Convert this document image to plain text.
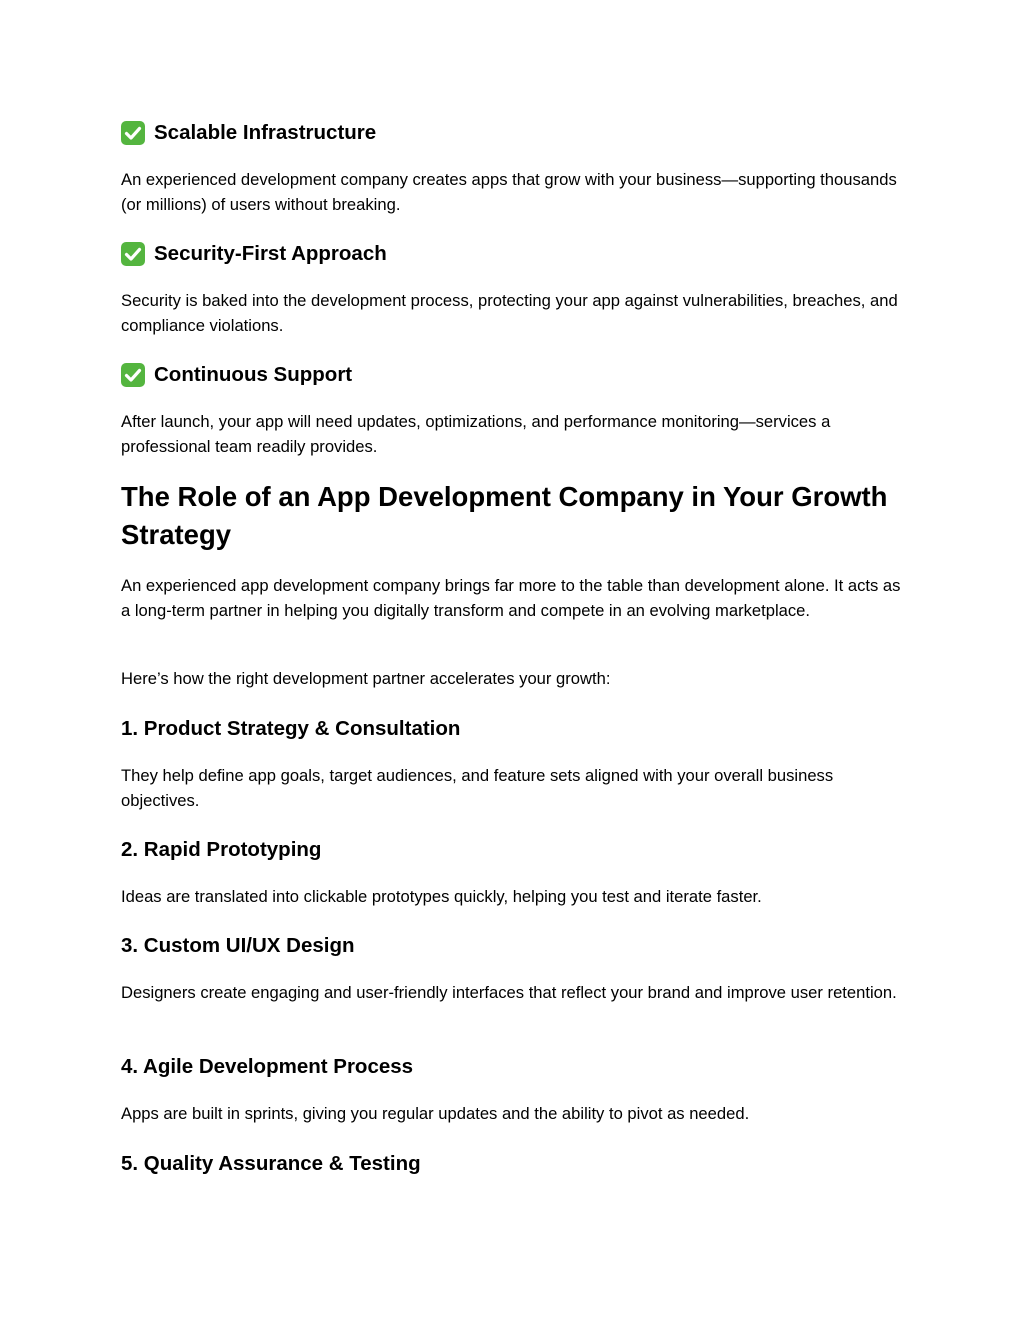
Scalable Infrastructure

An experienced development company creates apps that grow with your business—supporting thousands (or millions) of users without breaking.

Security-First Approach

Security is baked into the development process, protecting your app against vulnerabilities, breaches, and compliance violations.

Continuous Support

After launch, your app will need updates, optimizations, and performance monitoring—services a professional team readily provides.

The Role of an App Development Company in Your Growth Strategy

An experienced app development company brings far more to the table than development alone. It acts as a long-term partner in helping you digitally transform and compete in an evolving marketplace.

Here’s how the right development partner accelerates your growth:

1. Product Strategy & Consultation

They help define app goals, target audiences, and feature sets aligned with your overall business objectives.

2. Rapid Prototyping

Ideas are translated into clickable prototypes quickly, helping you test and iterate faster.

3. Custom UI/UX Design

Designers create engaging and user-friendly interfaces that reflect your brand and improve user retention.

4. Agile Development Process

Apps are built in sprints, giving you regular updates and the ability to pivot as needed.

5. Quality Assurance & Testing
